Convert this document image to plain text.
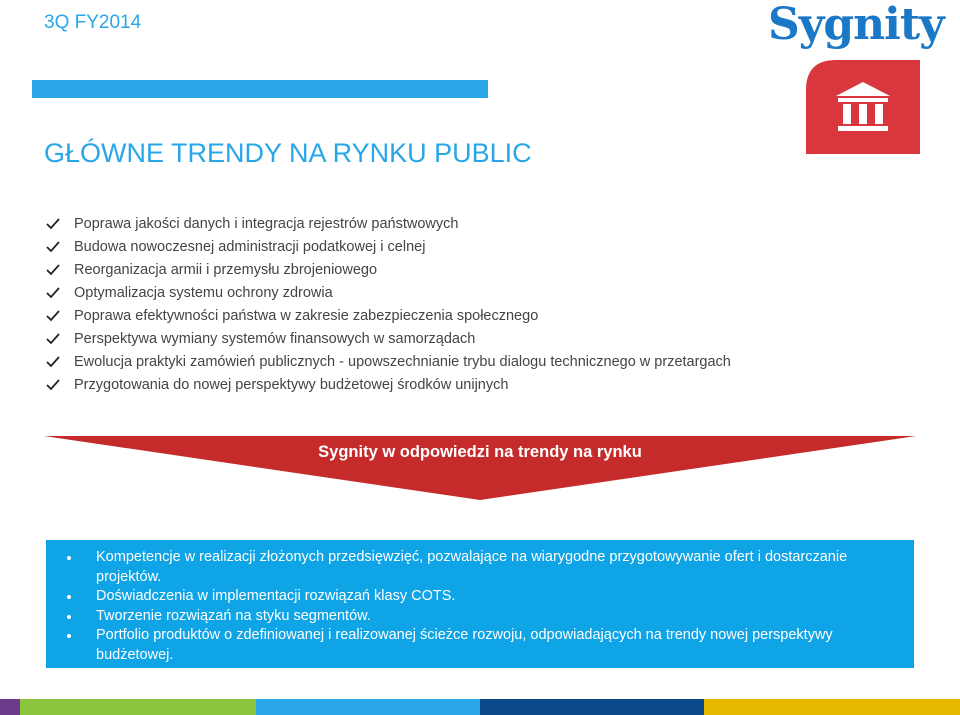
3Q FY2014	Sygnity
GŁÓWNE TRENDY NA RYNKU PUBLIC
Poprawa jakości danych i integracja rejestrów państwowych
Budowa nowoczesnej administracji podatkowej i celnej
Reorganizacja armii i przemysłu zbrojeniowego
Optymalizacja systemu ochrony zdrowia
Poprawa efektywności państwa w zakresie zabezpieczenia społecznego
Perspektywa wymiany systemów finansowych w samorządach
Ewolucja praktyki zamówień publicznych - upowszechnianie trybu dialogu technicznego w przetargach
Przygotowania do nowej perspektywy budżetowej środków unijnych
Sygnity w odpowiedzi na trendy na rynku
Kompetencje w realizacji złożonych przedsięwzięć, pozwalające na wiarygodne przygotowywanie ofert i dostarczanie projektów.
Doświadczenia w implementacji rozwiązań klasy COTS.
Tworzenie rozwiązań na styku segmentów.
Portfolio produktów o zdefiniowanej i realizowanej ścieżce rozwoju, odpowiadających na trendy nowej perspektywy budżetowej.
